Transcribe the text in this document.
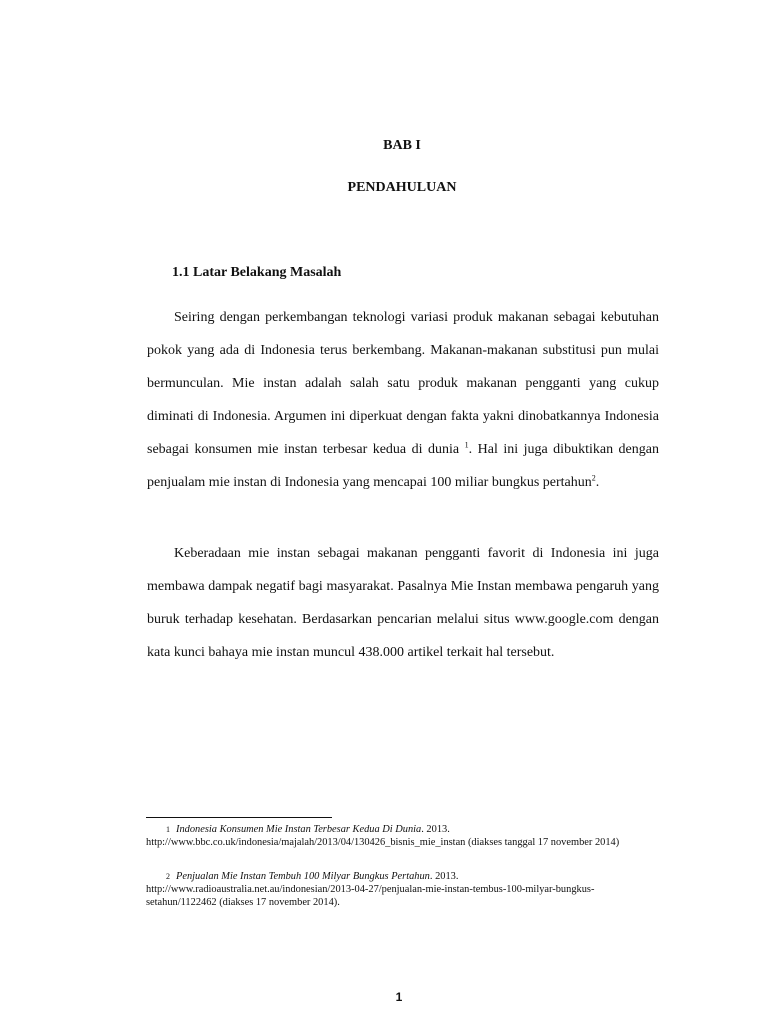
BAB I
PENDAHULUAN
1.1 Latar Belakang Masalah

Seiring dengan perkembangan teknologi variasi produk makanan sebagai kebutuhan pokok yang ada di Indonesia terus berkembang. Makanan-makanan substitusi pun mulai bermunculan. Mie instan adalah salah satu produk makanan pengganti yang cukup diminati di Indonesia. Argumen ini diperkuat dengan fakta yakni dinobatkannya Indonesia sebagai konsumen mie instan terbesar kedua di dunia $^1$. Hal ini juga dibuktikan dengan penjualam mie instan di Indonesia yang mencapai 100 miliar bungkus pertahun$^2$.

Keberadaan mie instan sebagai makanan pengganti favorit di Indonesia ini juga membawa dampak negatif bagi masyarakat. Pasalnya Mie Instan membawa pengaruh yang buruk terhadap kesehatan. Berdasarkan pencarian melalui situs www.google.com dengan kata kunci bahaya mie instan muncul 438.000 artikel terkait hal tersebut.

1 Indonesia Konsumen Mie Instan Terbesar Kedua Di Dunia. 2013. http://www.bbc.co.uk/indonesia/majalah/2013/04/130426_bisnis_mie_instan (diakses tanggal 17 november 2014)

2 Penjualan Mie Instan Tembuh 100 Milyar Bungkus Pertahun. 2013. http://www.radioaustralia.net.au/indonesian/2013-04-27/penjualan-mie-instan-tembus-100-milyar-bungkus-setahun/1122462 (diakses 17 november 2014).

1
